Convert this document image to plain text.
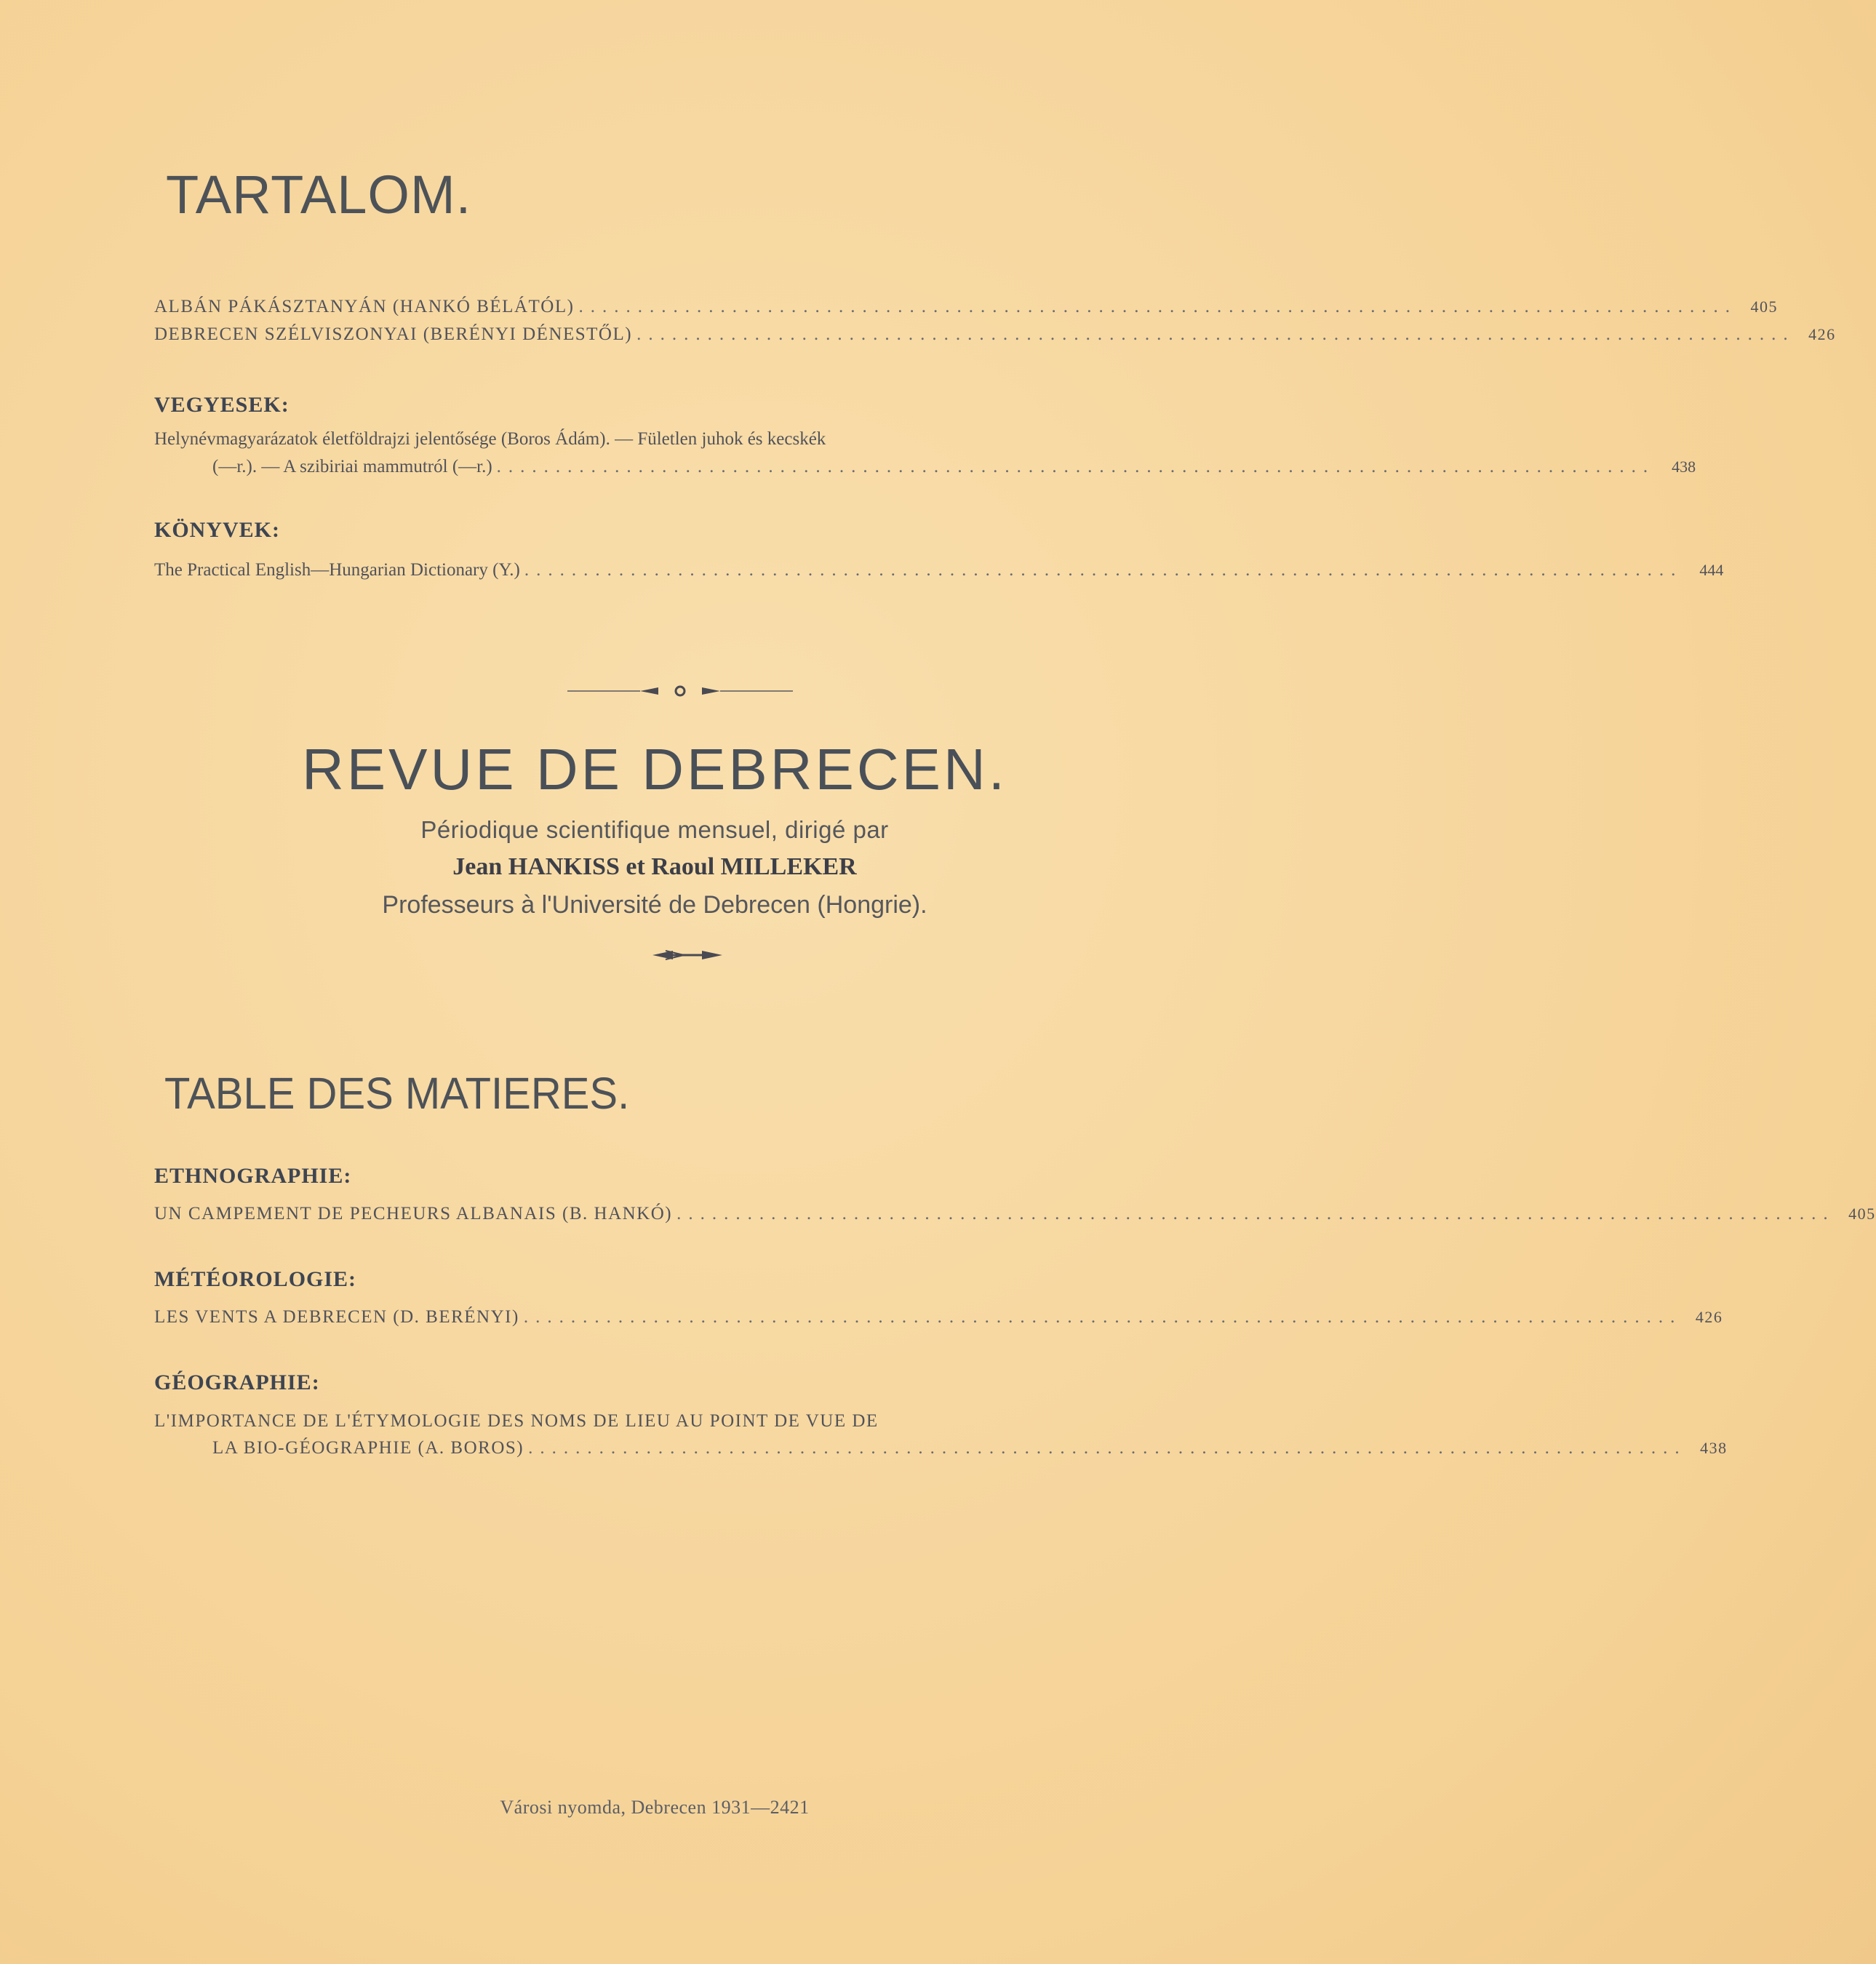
TARTALOM.
ALBÁN PÁKÁSZTANYÁN (HANKÓ BÉLÁTÓL) .................................................................................................. 405
DEBRECEN SZÉLVISZONYAI (BERÉNYI DÉNESTŐL) .................................................................................................. 426
VEGYESEK:
Helynévmagyarázatok életföldrajzi jelentősége (Boros Ádám). — Fületlen juhok és kecskék
(—r.). — A szibiriai mammutról (—r.) ..................................................................................................	438
KÖNYVEK:
The Practical English—Hungarian Dictionary (Y.) ..................................................................................................	444
REVUE DE DEBRECEN.
Périodique scientifique mensuel, dirigé par
Jean HANKISS et Raoul MILLEKER
Professeurs à l'Université de Debrecen (Hongrie).
TABLE DES MATIERES.
ETHNOGRAPHIE:
UN CAMPEMENT DE PECHEURS ALBANAIS (B. HANKÓ) .................................................................................................. 405
MÉTÉOROLOGIE:
LES VENTS A DEBRECEN (D. BERÉNYI) .................................................................................................. 426
GÉOGRAPHIE:
L'IMPORTANCE DE L'ÉTYMOLOGIE DES NOMS DE LIEU AU POINT DE VUE DE
LA BIO-GÉOGRAPHIE (A. BOROS) .................................................................................................. 438
Városi nyomda, Debrecen 1931—2421
